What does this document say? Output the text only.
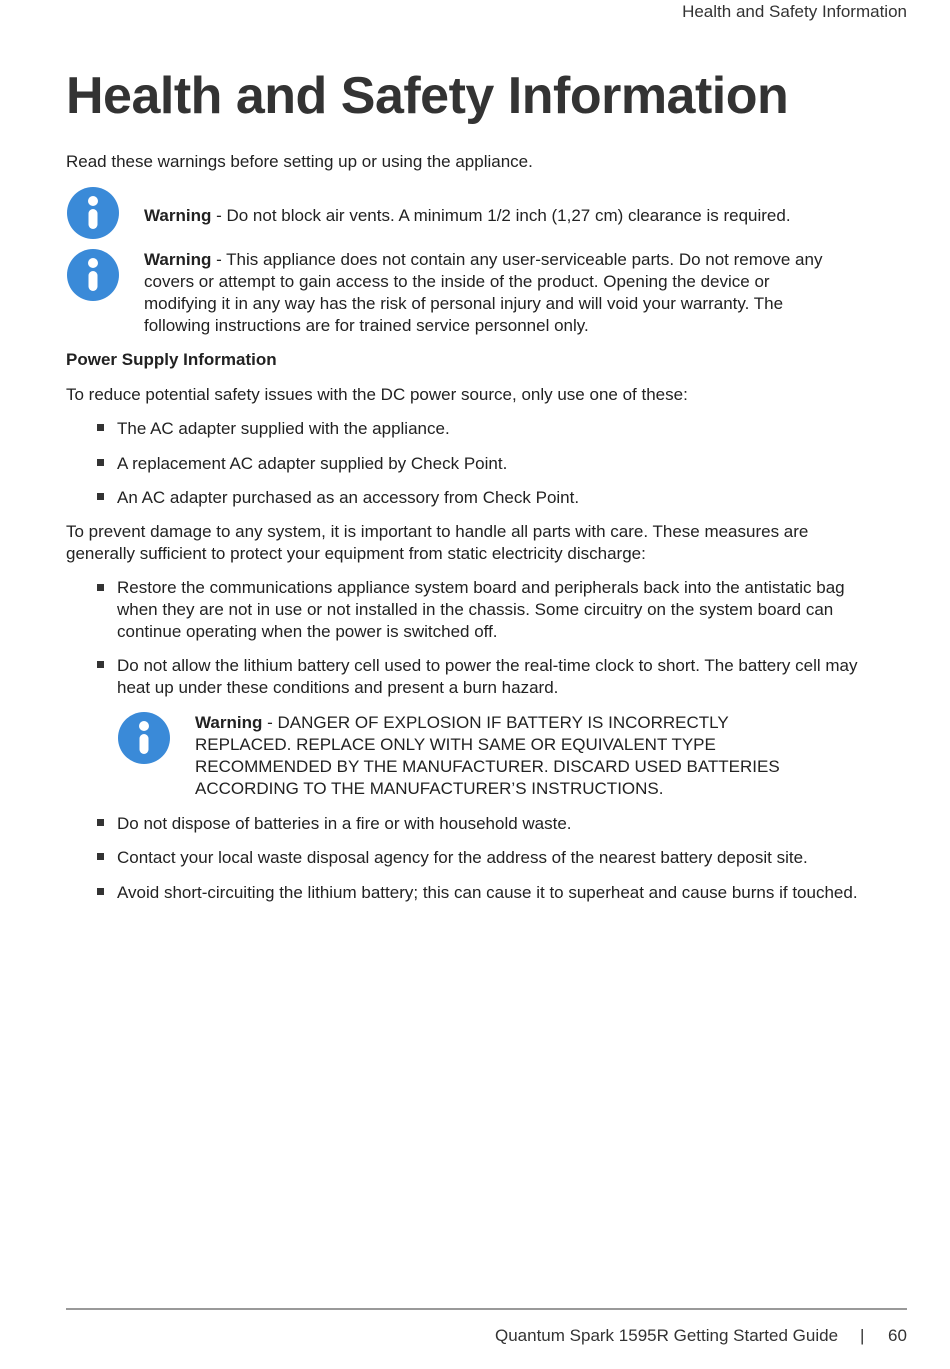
Health and Safety Information
Health and Safety Information

Read these warnings before setting up or using the appliance.

Warning - Do not block air vents. A minimum 1/2 inch (1,27 cm) clearance is required.

Warning - This appliance does not contain any user-serviceable parts. Do not remove any covers or attempt to gain access to the inside of the product. Opening the device or modifying it in any way has the risk of personal injury and will void your warranty. The following instructions are for trained service personnel only.

Power Supply Information

To reduce potential safety issues with the DC power source, only use one of these:

The AC adapter supplied with the appliance.

A replacement AC adapter supplied by Check Point.

An AC adapter purchased as an accessory from Check Point.

To prevent damage to any system, it is important to handle all parts with care. These measures are generally sufficient to protect your equipment from static electricity discharge:

Restore the communications appliance system board and peripherals back into the antistatic bag when they are not in use or not installed in the chassis. Some circuitry on the system board can continue operating when the power is switched off.

Do not allow the lithium battery cell used to power the real-time clock to short. The battery cell may heat up under these conditions and present a burn hazard.

Warning - DANGER OF EXPLOSION IF BATTERY IS INCORRECTLY REPLACED. REPLACE ONLY WITH SAME OR EQUIVALENT TYPE RECOMMENDED BY THE MANUFACTURER. DISCARD USED BATTERIES ACCORDING TO THE MANUFACTURER’S INSTRUCTIONS.

Do not dispose of batteries in a fire or with household waste.

Contact your local waste disposal agency for the address of the nearest battery deposit site.

Avoid short-circuiting the lithium battery; this can cause it to superheat and cause burns if touched.

Quantum Spark 1595R Getting Started Guide | 60
